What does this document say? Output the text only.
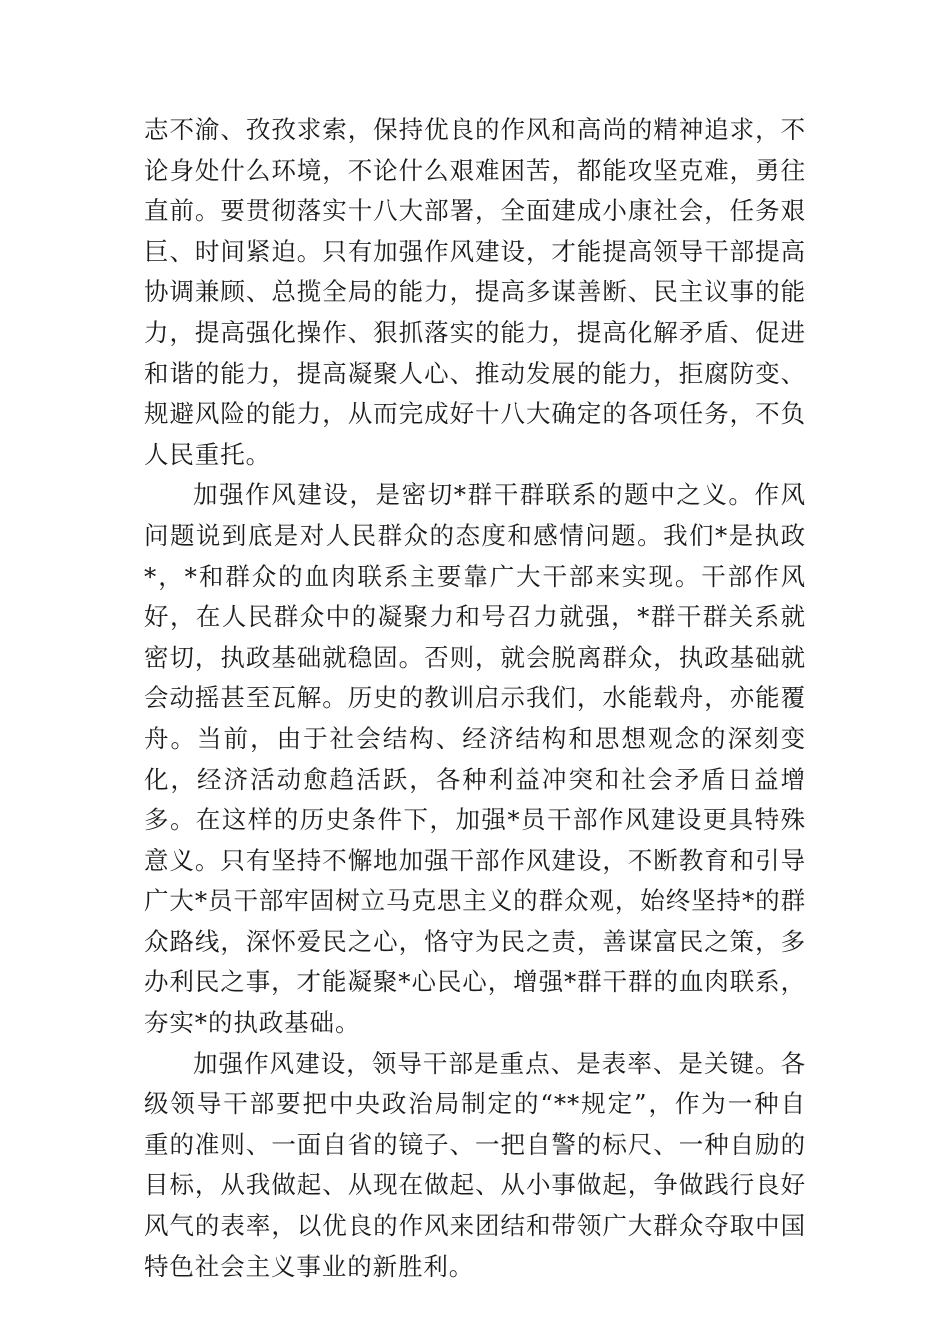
志不渝、孜孜求索，保持优良的作风和高尚的精神追求，不论身处什么环境，不论什么艰难困苦，都能攻坚克难，勇往直前。要贯彻落实十八大部署，全面建成小康社会，任务艰巨、时间紧迫。只有加强作风建设，才能提高领导干部提高协调兼顾、总揽全局的能力，提高多谋善断、民主议事的能力，提高强化操作、狠抓落实的能力，提高化解矛盾、促进和谐的能力，提高凝聚人心、推动发展的能力，拒腐防变、规避风险的能力，从而完成好十八大确定的各项任务，不负人民重托。

加强作风建设，是密切*群干群联系的题中之义。作风问题说到底是对人民群众的态度和感情问题。我们*是执政*，*和群众的血肉联系主要靠广大干部来实现。干部作风好，在人民群众中的凝聚力和号召力就强，*群干群关系就密切，执政基础就稳固。否则，就会脱离群众，执政基础就会动摇甚至瓦解。历史的教训启示我们，水能载舟，亦能覆舟。当前，由于社会结构、经济结构和思想观念的深刻变化，经济活动愈趋活跃，各种利益冲突和社会矛盾日益增多。在这样的历史条件下，加强*员干部作风建设更具特殊意义。只有坚持不懈地加强干部作风建设，不断教育和引导广大*员干部牢固树立马克思主义的群众观，始终坚持*的群众路线，深怀爱民之心，恪守为民之责，善谋富民之策，多办利民之事，才能凝聚*心民心，增强*群干群的血肉联系，夯实*的执政基础。

加强作风建设，领导干部是重点、是表率、是关键。各级领导干部要把中央政治局制定的“**规定”，作为一种自重的准则、一面自省的镜子、一把自警的标尺、一种自励的目标，从我做起、从现在做起、从小事做起，争做践行良好风气的表率，以优良的作风来团结和带领广大群众夺取中国特色社会主义事业的新胜利。
